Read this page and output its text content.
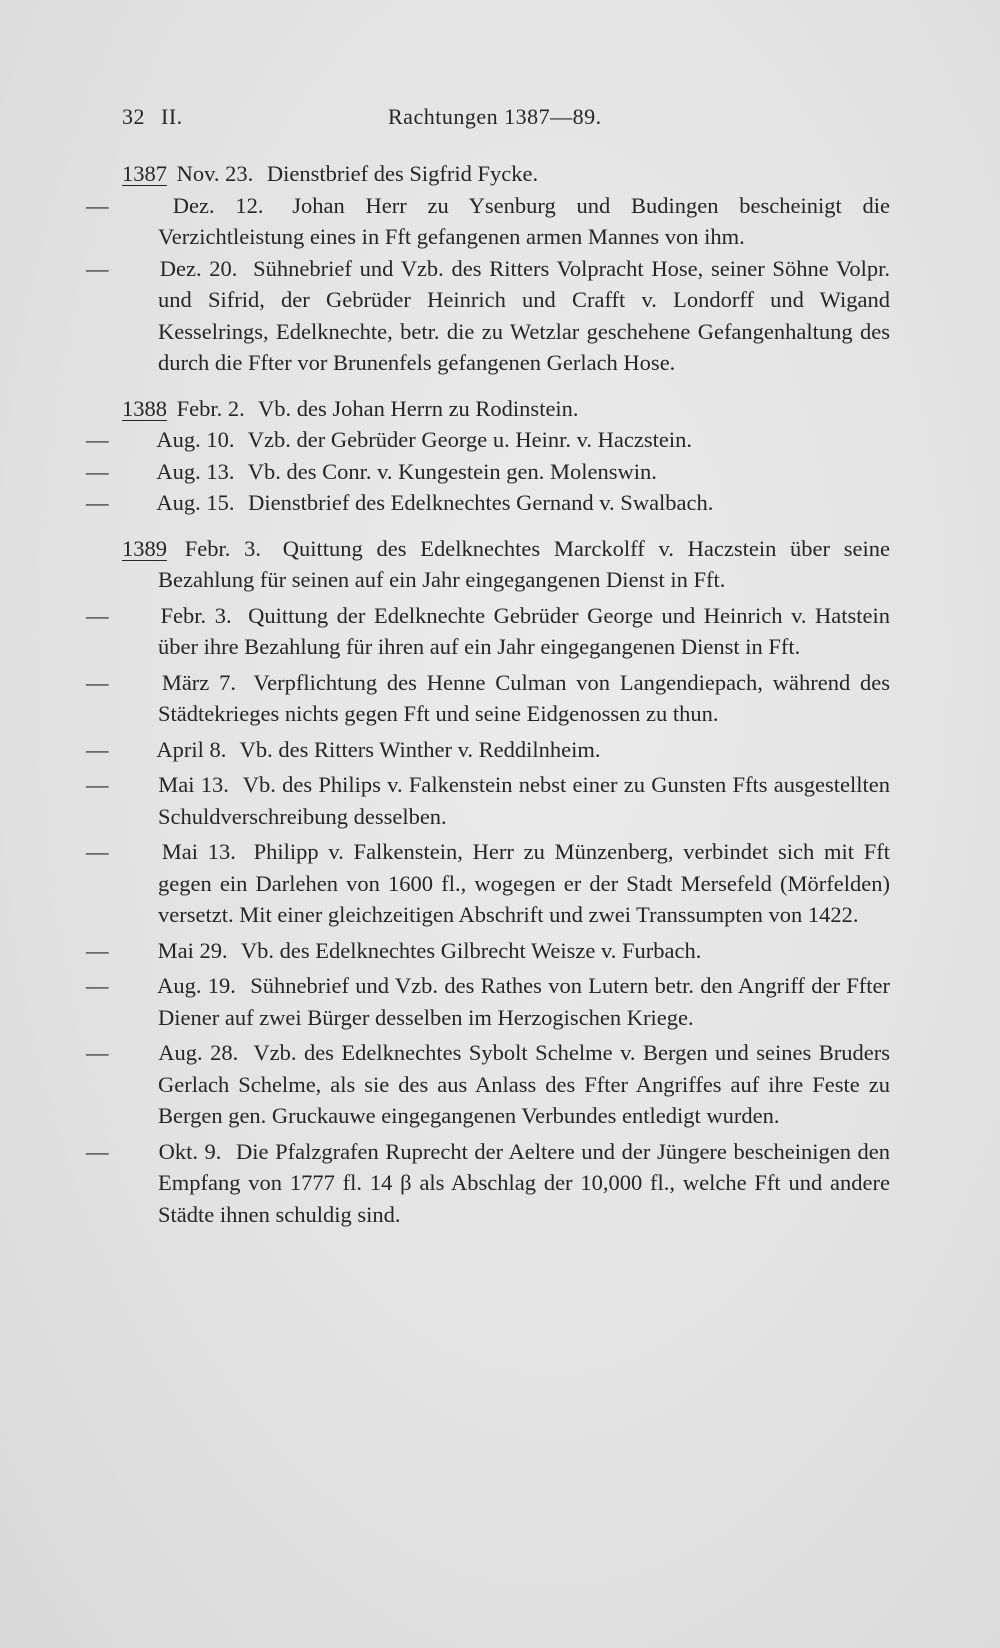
32 II.	Rachtungen 1387—89.

1387 Nov. 23. Dienstbrief des Sigfrid Fycke.

—	Dez. 12. Johan Herr zu Ysenburg und Budingen bescheinigt die Verzichtleistung eines in Fft gefangenen armen Mannes von ihm.

— Dez. 20. Sühnebrief und Vzb. des Ritters Volpracht Hose, seiner Söhne Volpr. und Sifrid, der Gebrüder Heinrich und Crafft v. Londorff und Wigand Kesselrings, Edelknechte, betr. die zu Wetzlar geschehene Gefangenhaltung des durch die Ffter vor Brunenfels gefangenen Gerlach Hose.

1388 Febr. 2. Vb. des Johan Herrn zu Rodinstein.

— Aug. 10. Vzb. der Gebrüder George u. Heinr. v. Haczstein.

— Aug. 13. Vb. des Conr. v. Kungestein gen. Molenswin.

— Aug. 15. Dienstbrief des Edelknechtes Gernand v. Swalbach.

1389 Febr. 3. Quittung des Edelknechtes Marckolff v. Haczstein über seine Bezahlung für seinen auf ein Jahr eingegangenen Dienst in Fft.

— Febr. 3. Quittung der Edelknechte Gebrüder George und Heinrich v. Hatstein über ihre Bezahlung für ihren auf ein Jahr eingegangenen Dienst in Fft.

— März 7. Verpflichtung des Henne Culman von Langendiepach, während des Städtekrieges nichts gegen Fft und seine Eidgenossen zu thun.

— April 8. Vb. des Ritters Winther v. Reddilnheim.

— Mai 13. Vb. des Philips v. Falkenstein nebst einer zu Gunsten Ffts ausgestellten Schuldverschreibung desselben.

— Mai 13. Philipp v. Falkenstein, Herr zu Münzenberg, verbindet sich mit Fft gegen ein Darlehen von 1600 fl., wogegen er der Stadt Mersefeld (Mörfelden) versetzt. Mit einer gleichzeitigen Abschrift und zwei Transsumpten von 1422.

— Mai 29. Vb. des Edelknechtes Gilbrecht Weisze v. Furbach.

— Aug. 19. Sühnebrief und Vzb. des Rathes von Lutern betr. den Angriff der Ffter Diener auf zwei Bürger desselben im Herzogischen Kriege.

— Aug. 28. Vzb. des Edelknechtes Sybolt Schelme v. Bergen und seines Bruders Gerlach Schelme, als sie des aus Anlass des Ffter Angriffes auf ihre Feste zu Bergen gen. Gruckauwe eingegangenen Verbundes entledigt wurden.

— Okt. 9. Die Pfalzgrafen Ruprecht der Aeltere und der Jüngere bescheinigen den Empfang von 1777 fl. 14 β als Abschlag der 10,000 fl., welche Fft und andere Städte ihnen schuldig sind.
